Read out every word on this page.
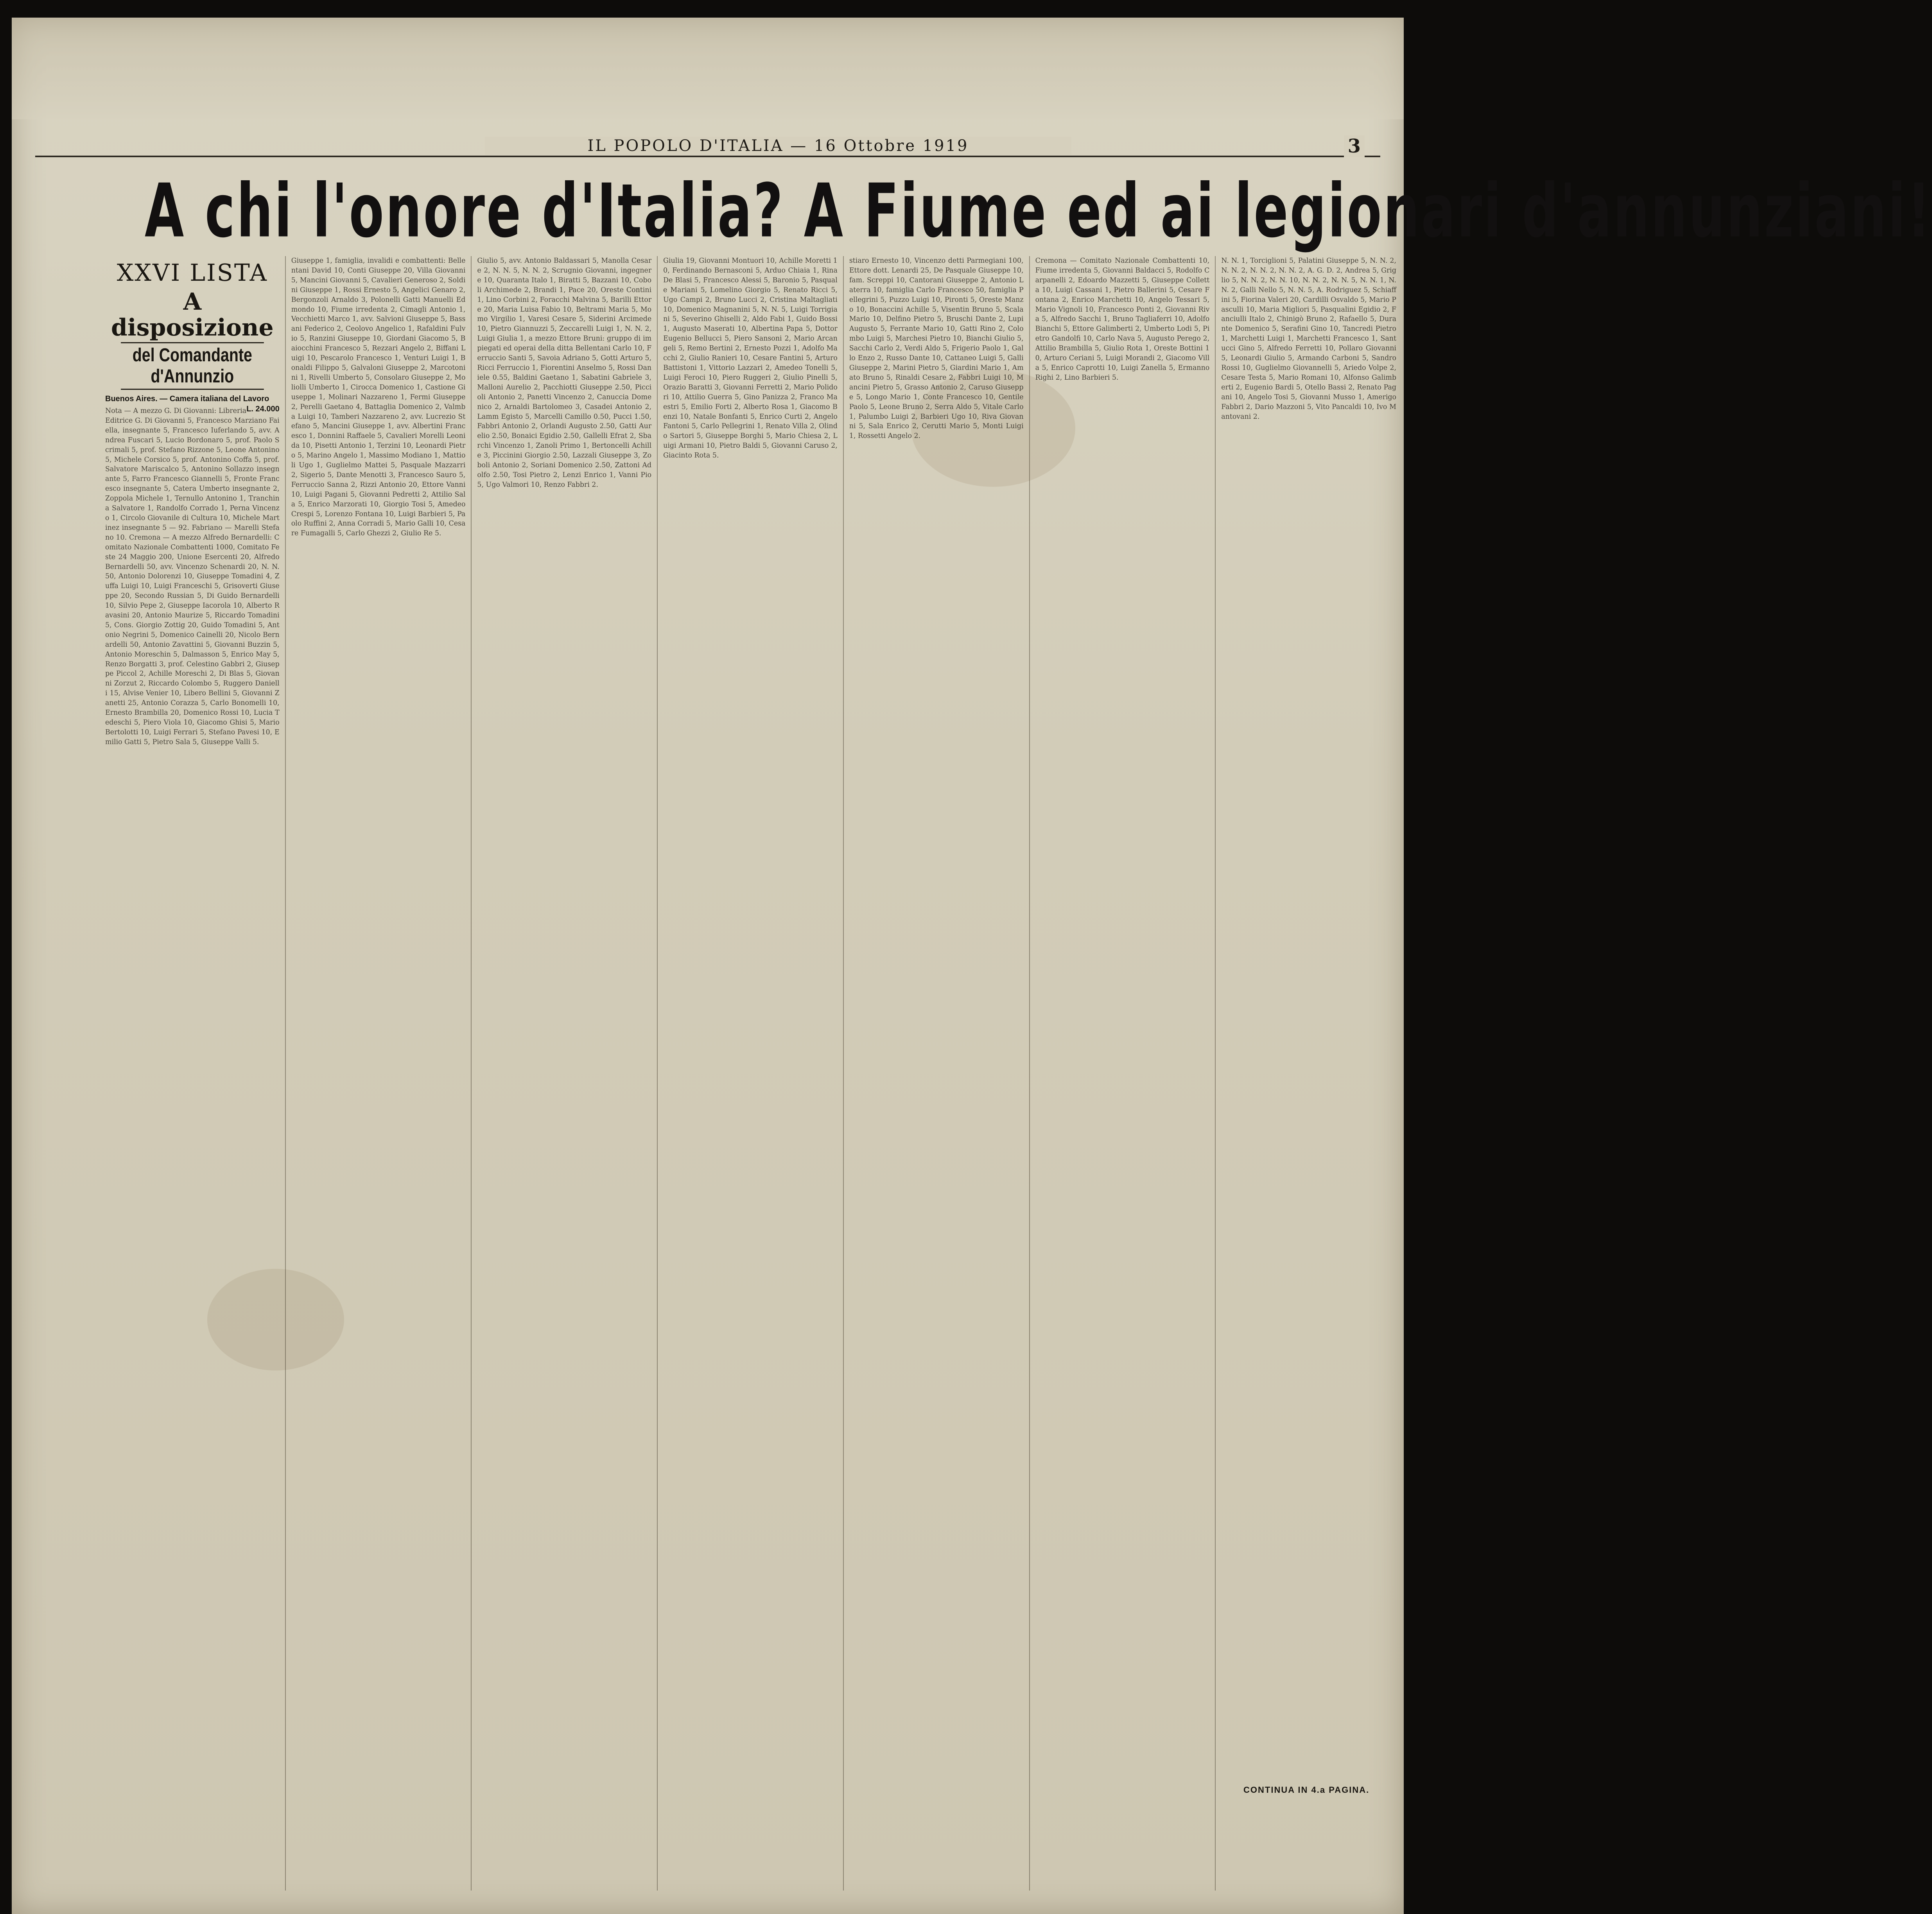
IL POPOLO D'ITALIA — 16 Ottobre 1919	3
A chi l'onore d'Italia? A Fiume ed ai legionari d'annunziani!
XXVI LISTA
A disposizione
del Comandante d'Annunzio
Buenos Aires. — Camera italiana del Lavoro
L. 24.000

Nota — A mezzo G. Di Giovanni: Libreria Editrice G. Di Giovanni 5, Francesco Marziano Faiella, insegnante 5, Francesco Iuferlando 5, avv. Andrea Fuscari 5, Lucio Bordonaro 5, prof. Paolo Scrimali 5, prof. Stefano Rizzone 5, Leone Antonino 5, Michele Corsico 5, prof. Antonino Coffa 5, prof. Salvatore Mariscalco 5, Antonino Sollazzo insegnante 5, Farro Francesco Giannelli 5, Fronte Francesco insegnante 5, Catera Umberto insegnante 2, Zoppola Michele 1, Ternullo Antonino 1, Tranchina Salvatore 1, Randolfo Corrado 1, Perna Vincenzo 1, Circolo Giovanile di Cultura 10, Michele Martinez insegnante 5 — 92. Fabriano — Marelli Stefano 10. Cremona — A mezzo Alfredo Bernardelli: Comitato Nazionale Combattenti 1000, Comitato Feste 24 Maggio 200, Unione Esercenti 20, Alfredo Bernardelli 50, avv. Vincenzo Schenardi 20, N. N. 50, Antonio Dolorenzi 10, Giuseppe Tomadini 4, Zuffa Luigi 10, Luigi Franceschi 5, Grisoverti Giuseppe 20, Secondo Russian 5, Di Guido Bernardelli 10, Silvio Pepe 2, Giuseppe Iacorola 10, Alberto Ravasini 20, Antonio Maurize 5, Riccardo Tomadini 5, Cons. Giorgio Zottig 20, Guido Tomadini 5, Antonio Negrini 5, Domenico Cainelli 20, Nicolo Bernardelli 50, Antonio Zavattini 5, Giovanni Buzzin 5, Antonio Moreschin 5, Dalmasson 5, Enrico May 5, Renzo Borgatti 3, prof. Celestino Gabbri 2, Giuseppe Piccol 2, Achille Moreschi 2, Di Blas 5, Giovanni Zorzut 2, Riccardo Colombo 5, Ruggero Danielli 15, Alvise Venier 10, Libero Bellini 5, Giovanni Zanetti 25, Antonio Corazza 5, Carlo Bonomelli 10, Ernesto Brambilla 20, Domenico Rossi 10, Lucia Tedeschi 5, Piero Viola 10, Giacomo Ghisi 5, Mario Bertolotti 10, Luigi Ferrari 5, Stefano Pavesi 10, Emilio Gatti 5, Pietro Sala 5, Giuseppe Valli 5.

Giuseppe 1, famiglia, invalidi e combattenti: Bellentani David 10, Conti Giuseppe 20, Villa Giovanni 5, Mancini Giovanni 5, Cavalieri Generoso 2, Soldini Giuseppe 1, Rossi Ernesto 5, Angelici Genaro 2, Bergonzoli Arnaldo 3, Polonelli Gatti Manuelli Edmondo 10, Fiume irredenta 2, Cimagli Antonio 1, Vecchietti Marco 1, avv. Salvioni Giuseppe 5, Bassani Federico 2, Ceolovo Angelico 1, Rafaldini Fulvio 5, Ranzini Giuseppe 10, Giordani Giacomo 5, Baiocchini Francesco 5, Rezzari Angelo 2, Biffani Luigi 10, Pescarolo Francesco 1, Venturi Luigi 1, Bonaldi Filippo 5, Galvaloni Giuseppe 2, Marcotonini 1, Rivelli Umberto 5, Consolaro Giuseppe 2, Moliolli Umberto 1, Cirocca Domenico 1, Castione Giuseppe 1, Molinari Nazzareno 1, Fermi Giuseppe 2, Perelli Gaetano 4, Battaglia Domenico 2, Valmba Luigi 10, Tamberi Nazzareno 2, avv. Lucrezio Stefano 5, Mancini Giuseppe 1, avv. Albertini Francesco 1, Donnini Raffaele 5, Cavalieri Morelli Leonida 10, Pisetti Antonio 1, Terzini 10, Leonardi Pietro 5, Marino Angelo 1, Massimo Modiano 1, Mattioli Ugo 1, Guglielmo Mattei 5, Pasquale Mazzarri 2, Sigerio 5, Dante Menotti 3, Francesco Sauro 5, Ferruccio Sanna 2, Rizzi Antonio 20, Ettore Vanni 10, Luigi Pagani 5, Giovanni Pedretti 2, Attilio Sala 5, Enrico Marzorati 10, Giorgio Tosi 5, Amedeo Crespi 5, Lorenzo Fontana 10, Luigi Barbieri 5, Paolo Ruffini 2, Anna Corradi 5, Mario Galli 10, Cesare Fumagalli 5, Carlo Ghezzi 2, Giulio Re 5.

Giulio 5, avv. Antonio Baldassari 5, Manolla Cesare 2, N. N. 5, N. N. 2, Scrugnio Giovanni, ingegnere 10, Quaranta Italo 1, Biratti 5, Bazzani 10, Coboli Archimede 2, Brandi 1, Pace 20, Oreste Contini 1, Lino Corbini 2, Foracchi Malvina 5, Barilli Ettore 20, Maria Luisa Fabio 10, Beltrami Maria 5, Momo Virgilio 1, Varesi Cesare 5, Siderini Arcimede 10, Pietro Giannuzzi 5, Zeccarelli Luigi 1, N. N. 2, Luigi Giulia 1, a mezzo Ettore Bruni: gruppo di impiegati ed operai della ditta Bellentani Carlo 10, Ferruccio Santi 5, Savoia Adriano 5, Gotti Arturo 5, Ricci Ferruccio 1, Fiorentini Anselmo 5, Rossi Daniele 0.55, Baldini Gaetano 1, Sabatini Gabriele 3, Malloni Aurelio 2, Pacchiotti Giuseppe 2.50, Piccioli Antonio 2, Panetti Vincenzo 2, Canuccia Domenico 2, Arnaldi Bartolomeo 3, Casadei Antonio 2, Lamm Egisto 5, Marcelli Camillo 0.50, Pucci 1.50, Fabbri Antonio 2, Orlandi Augusto 2.50, Gatti Aurelio 2.50, Bonaici Egidio 2.50, Gallelli Efrat 2, Sbarchi Vincenzo 1, Zanoli Primo 1, Bertoncelli Achille 3, Piccinini Giorgio 2.50, Lazzali Giuseppe 3, Zoboli Antonio 2, Soriani Domenico 2.50, Zattoni Adolfo 2.50, Tosi Pietro 2, Lenzi Enrico 1, Vanni Pio 5, Ugo Valmori 10, Renzo Fabbri 2.

Giulia 19, Giovanni Montuori 10, Achille Moretti 10, Ferdinando Bernasconi 5, Arduo Chiaia 1, Rina De Blasi 5, Francesco Alessi 5, Baronio 5, Pasquale Mariani 5, Lomelino Giorgio 5, Renato Ricci 5, Ugo Campi 2, Bruno Lucci 2, Cristina Maltagliati 10, Domenico Magnanini 5, N. N. 5, Luigi Torrigiani 5, Severino Ghiselli 2, Aldo Fabi 1, Guido Bossi 1, Augusto Maserati 10, Albertina Papa 5, Dottor Eugenio Bellucci 5, Piero Sansoni 2, Mario Arcangeli 5, Remo Bertini 2, Ernesto Pozzi 1, Adolfo Macchi 2, Giulio Ranieri 10, Cesare Fantini 5, Arturo Battistoni 1, Vittorio Lazzari 2, Amedeo Tonelli 5, Luigi Feroci 10, Piero Ruggeri 2, Giulio Pinelli 5, Orazio Baratti 3, Giovanni Ferretti 2, Mario Polidori 10, Attilio Guerra 5, Gino Panizza 2, Franco Maestri 5, Emilio Forti 2, Alberto Rosa 1, Giacomo Benzi 10, Natale Bonfanti 5, Enrico Curti 2, Angelo Fantoni 5, Carlo Pellegrini 1, Renato Villa 2, Olindo Sartori 5, Giuseppe Borghi 5, Mario Chiesa 2, Luigi Armani 10, Pietro Baldi 5, Giovanni Caruso 2, Giacinto Rota 5.

stiaro Ernesto 10, Vincenzo detti Parmegiani 100, Ettore dott. Lenardi 25, De Pasquale Giuseppe 10, fam. Screppi 10, Cantorani Giuseppe 2, Antonio Laterra 10, famiglia Carlo Francesco 50, famiglia Pellegrini 5, Puzzo Luigi 10, Pironti 5, Oreste Manzo 10, Bonaccini Achille 5, Visentin Bruno 5, Scala Mario 10, Delfino Pietro 5, Bruschi Dante 2, Lupi Augusto 5, Ferrante Mario 10, Gatti Rino 2, Colombo Luigi 5, Marchesi Pietro 10, Bianchi Giulio 5, Sacchi Carlo 2, Verdi Aldo 5, Frigerio Paolo 1, Gallo Enzo 2, Russo Dante 10, Cattaneo Luigi 5, Galli Giuseppe 2, Marini Pietro 5, Giardini Mario 1, Amato Bruno 5, Rinaldi Cesare 2, Fabbri Luigi 10, Mancini Pietro 5, Grasso Antonio 2, Caruso Giuseppe 5, Longo Mario 1, Conte Francesco 10, Gentile Paolo 5, Leone Bruno 2, Serra Aldo 5, Vitale Carlo 1, Palumbo Luigi 2, Barbieri Ugo 10, Riva Giovanni 5, Sala Enrico 2, Cerutti Mario 5, Monti Luigi 1, Rossetti Angelo 2.

Cremona — Comitato Nazionale Combattenti 10, Fiume irredenta 5, Giovanni Baldacci 5, Rodolfo Carpanelli 2, Edoardo Mazzetti 5, Giuseppe Colletta 10, Luigi Cassani 1, Pietro Ballerini 5, Cesare Fontana 2, Enrico Marchetti 10, Angelo Tessari 5, Mario Vignoli 10, Francesco Ponti 2, Giovanni Riva 5, Alfredo Sacchi 1, Bruno Tagliaferri 10, Adolfo Bianchi 5, Ettore Galimberti 2, Umberto Lodi 5, Pietro Gandolfi 10, Carlo Nava 5, Augusto Perego 2, Attilio Brambilla 5, Giulio Rota 1, Oreste Bottini 10, Arturo Ceriani 5, Luigi Morandi 2, Giacomo Villa 5, Enrico Caprotti 10, Luigi Zanella 5, Ermanno Righi 2, Lino Barbieri 5.

N. N. 1, Torciglioni 5, Palatini Giuseppe 5, N. N. 2, N. N. 2, N. N. 2, N. N. 2, A. G. D. 2, Andrea 5, Griglio 5, N. N. 2, N. N. 10, N. N. 2, N. N. 5, N. N. 1, N. N. 2, Galli Nello 5, N. N. 5, A. Rodriguez 5, Schiaffini 5, Fiorina Valeri 20, Cardilli Osvaldo 5, Mario Pasculli 10, Maria Migliori 5, Pasqualini Egidio 2, Fanciulli Italo 2, Chinigò Bruno 2, Rafaello 5, Durante Domenico 5, Serafini Gino 10, Tancredi Pietro 1, Marchetti Luigi 1, Marchetti Francesco 1, Santucci Gino 5, Alfredo Ferretti 10, Pollaro Giovanni 5, Leonardi Giulio 5, Armando Carboni 5, Sandro Rossi 10, Guglielmo Giovannelli 5, Ariedo Volpe 2, Cesare Testa 5, Mario Romani 10, Alfonso Galimberti 2, Eugenio Bardi 5, Otello Bassi 2, Renato Pagani 10, Angelo Tosi 5, Giovanni Musso 1, Amerigo Fabbri 2, Dario Mazzoni 5, Vito Pancaldi 10, Ivo Mantovani 2.

CONTINUA IN 4.a PAGINA.
